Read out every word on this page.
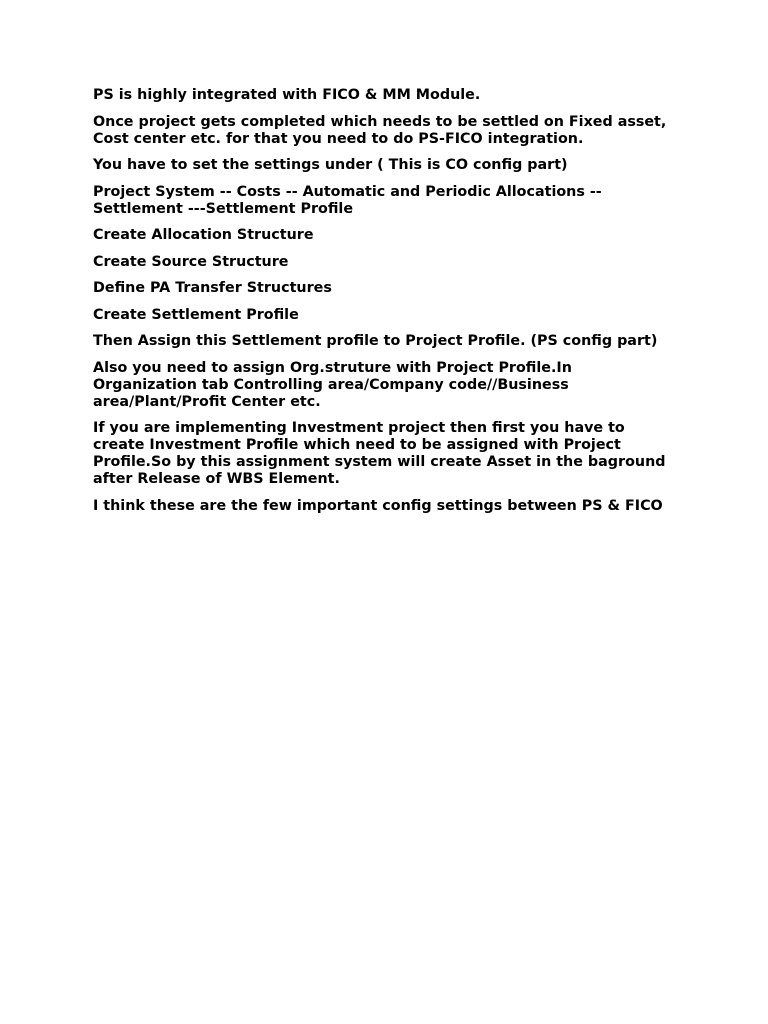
PS is highly integrated with FICO & MM Module.

Once project gets completed which needs to be settled on Fixed asset,
Cost center etc. for that you need to do PS-FICO integration.

You have to set the settings under ( This is CO config part)

Project System -- Costs -- Automatic and Periodic Allocations --
Settlement ---Settlement Profile

Create Allocation Structure

Create Source Structure

Define PA Transfer Structures

Create Settlement Profile

Then Assign this Settlement profile to Project Profile. (PS config part)

Also you need to assign Org.struture with Project Profile.In
Organization tab Controlling area/Company code//Business
area/Plant/Profit Center etc.

If you are implementing Investment project then first you have to
create Investment Profile which need to be assigned with Project
Profile.So by this assignment system will create Asset in the baground
after Release of WBS Element.

I think these are the few important config settings between PS & FICO
